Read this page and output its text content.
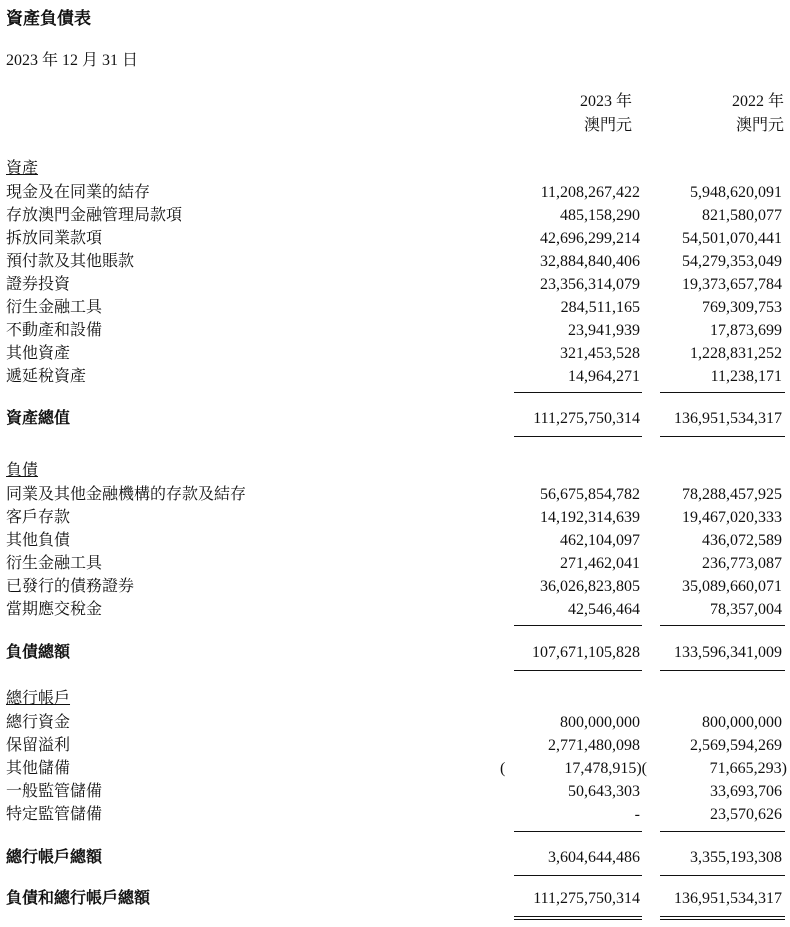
資產負債表
2023 年 12 月 31 日
2023 年
澳門元
2022 年
澳門元
資產
現金及在同業的結存	11,208,267,422	5,948,620,091
存放澳門金融管理局款項	485,158,290	821,580,077
拆放同業款項	42,696,299,214	54,501,070,441
預付款及其他賬款	32,884,840,406	54,279,353,049
證券投資	23,356,314,079	19,373,657,784
衍生金融工具	284,511,165	769,309,753
不動產和設備	23,941,939	17,873,699
其他資產	321,453,528	1,228,831,252
遞延稅資產	14,964,271	11,238,171
資產總值	111,275,750,314 136,951,534,317
負債
同業及其他金融機構的存款及結存	56,675,854,782	78,288,457,925
客戶存款	14,192,314,639	19,467,020,333
其他負債	462,104,097	436,072,589
衍生金融工具	271,462,041	236,773,087
已發行的債務證券	36,026,823,805	35,089,660,071
當期應交稅金	42,546,464	78,357,004
負債總額	107,671,105,828 133,596,341,009
總行帳戶
總行資金	800,000,000	800,000,000
保留溢利	2,771,480,098	2,569,594,269
其他儲備	(	17,478,915)(	71,665,293)
一般監管儲備	50,643,303	33,693,706
特定監管儲備	-	23,570,626
總行帳戶總額	3,604,644,486	3,355,193,308
負債和總行帳戶總額	111,275,750,314 136,951,534,317
